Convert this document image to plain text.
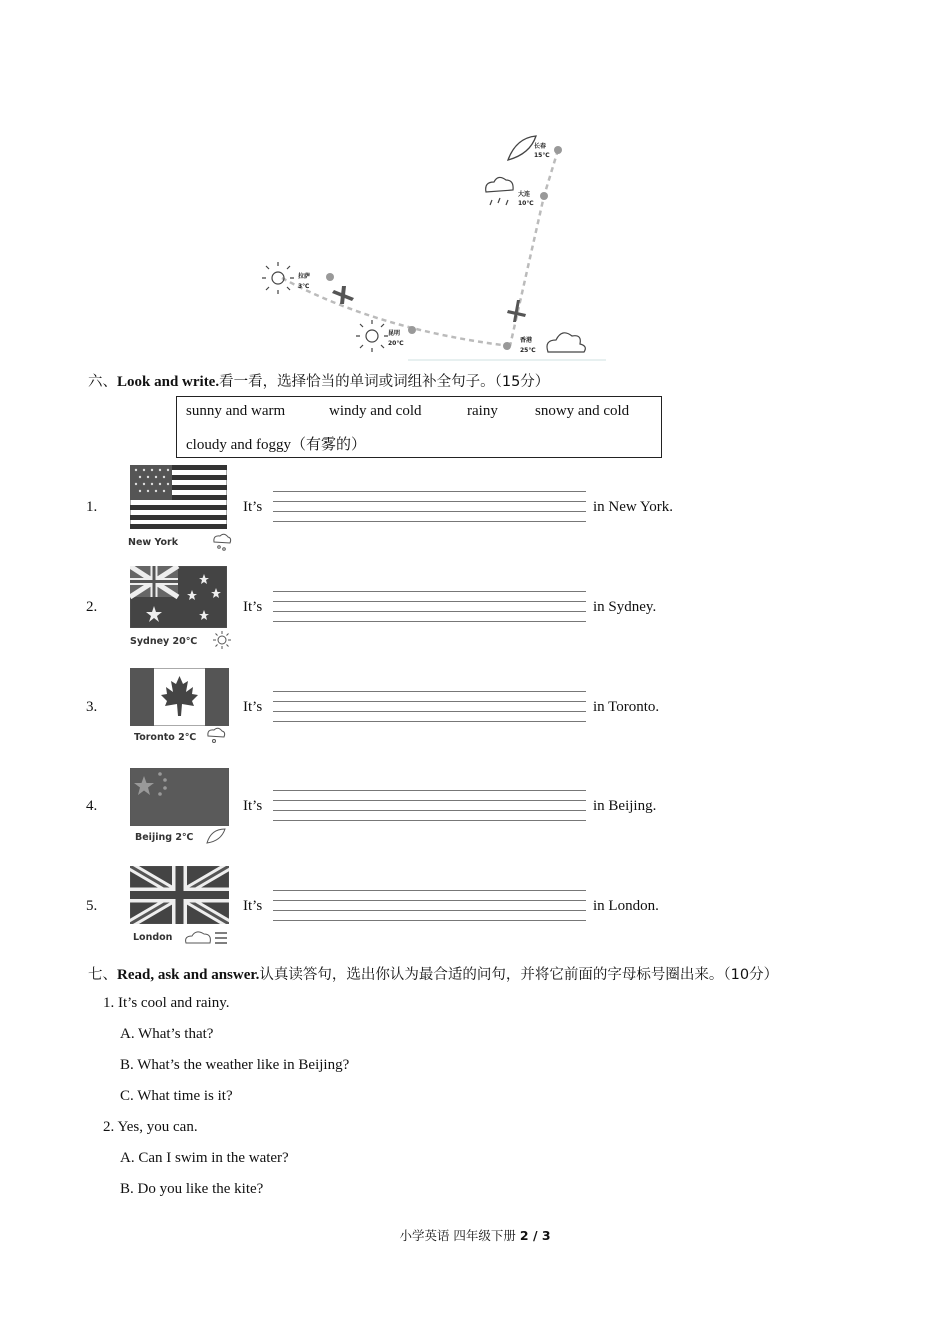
长春
15℃
大连
10℃
拉萨
3℃
昆明
20℃	香港
25℃
六、Look and write.看一看，选择恰当的单词或词组补全句子。（15分）
sunny and warm	windy and cold	rainy snowy and cold
cloudy and foggy（有雾的）
1.
New York
It’s	in New York.
2.
Sydney 20℃
It’s	in Sydney.
3.
Toronto 2℃
It’s	in Toronto.
4.
Beijing 2℃
It’s	in Beijing.
5.
London
It’s	in London.
七、Read, ask and answer.认真读答句，选出你认为最合适的问句，并将它前面的字母标号圈出来。（10分）
1. It’s cool and rainy.
A. What’s that?
B. What’s the weather like in Beijing?
C. What time is it?
2. Yes, you can.
A. Can I swim in the water?
B. Do you like the kite?
小学英语 四年级下册 2 / 3
